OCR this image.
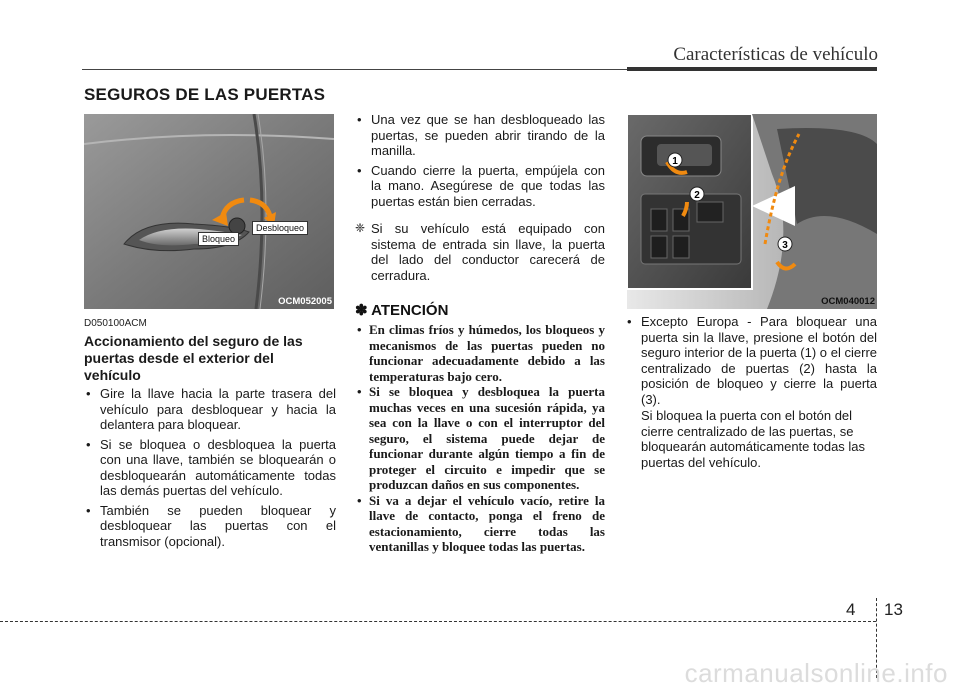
Características de vehículo
SEGUROS DE LAS PUERTAS
Bloqueo
Desbloqueo
OCM052005
D050100ACM
Accionamiento del seguro de las puertas desde el exterior del vehículo
• Gire la llave hacia la parte trasera del vehículo para desbloquear y hacia la delantera para bloquear.
• Si se bloquea o desbloquea la puerta con una llave, también se bloquearán o desbloquearán automáticamente todas las demás puertas del vehículo.
• También se pueden bloquear y desbloquear las puertas con el transmisor (opcional).
• Una vez que se han desbloqueado las puertas, se pueden abrir tirando de la manilla.
• Cuando cierre la puerta, empújela con la mano. Asegúrese de que todas las puertas están bien cerradas.
❈ Si su vehículo está equipado con sistema de entrada sin llave, la puerta del lado del conductor carecerá de cerradura.
✽ ATENCIÓN
• En climas fríos y húmedos, los bloqueos y mecanismos de las puertas pueden no funcionar adecuadamente debido a las temperaturas bajo cero.
• Si se bloquea y desbloquea la puerta muchas veces en una sucesión rápida, ya sea con la llave o con el interruptor del seguro, el sistema puede dejar de funcionar durante algún tiempo a fin de proteger el circuito e impedir que se produzcan daños en sus componentes.
• Si va a dejar el vehículo vacío, retire la llave de contacto, ponga el freno de estacionamiento, cierre todas las ventanillas y bloquee todas las puertas.
1
2
3
OCM040012
• Excepto Europa - Para bloquear una puerta sin la llave, presione el botón del seguro interior de la puerta (1) o el cierre centralizado de puertas (2) hasta la posición de bloqueo y cierre la puerta (3).
Si bloquea la puerta con el botón del cierre centralizado de las puertas, se bloquearán automáticamente todas las puertas del vehículo.
4 13
carmanualsonline.info
